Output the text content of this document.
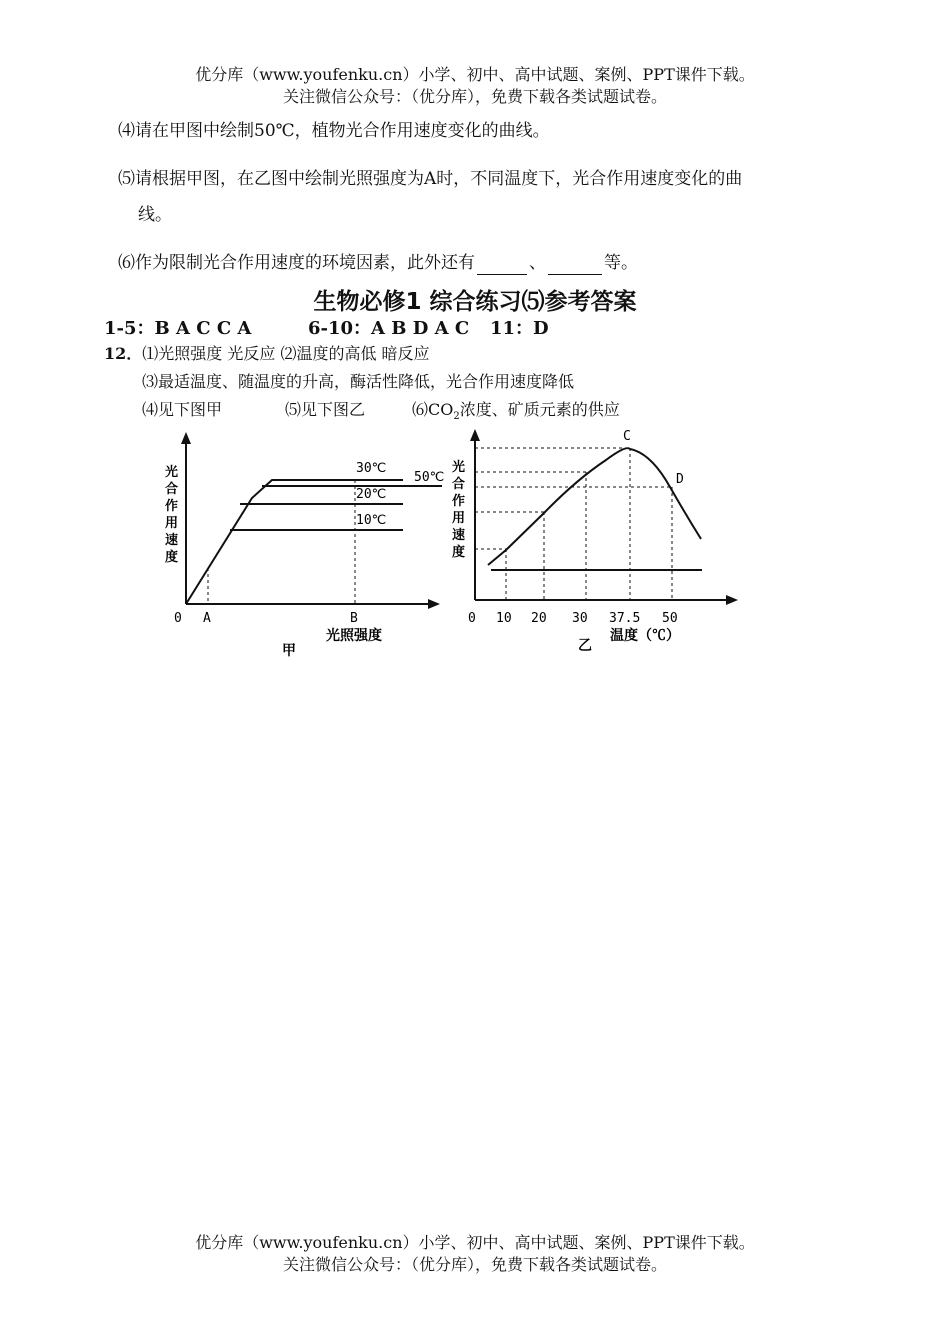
优分库（www.youfenku.cn）小学、初中、高中试题、案例、PPT课件下载。
关注微信公众号：（优分库），免费下载各类试题试卷。
⑷请在甲图中绘制50℃，植物光合作用速度变化的曲线。
⑸请根据甲图，在乙图中绘制光照强度为A时，不同温度下，光合作用速度变化的曲
线。
⑹作为限制光合作用速度的环境因素，此外还有	、	等。
生物必修1 综合练习⑸参考答案
1-5：B A C C A	6-10：A B D A C 11：D
12．⑴光照强度 光反应 ⑵温度的高低 暗反应
⑶最适温度、随温度的升高，酶活性降低，光合作用速度降低
⑷见下图甲	⑸见下图乙	$⑹CO_2$浓度、矿质元素的供应
光
合
作
用
速
度
30℃
50℃
20℃
10℃
0 A	B
光照强度
甲
光
合
作
用
速
度
C
D
0 10 20 30 37.5 50
乙
温度（℃）
优分库（www.youfenku.cn）小学、初中、高中试题、案例、PPT课件下载。
关注微信公众号：（优分库），免费下载各类试题试卷。
